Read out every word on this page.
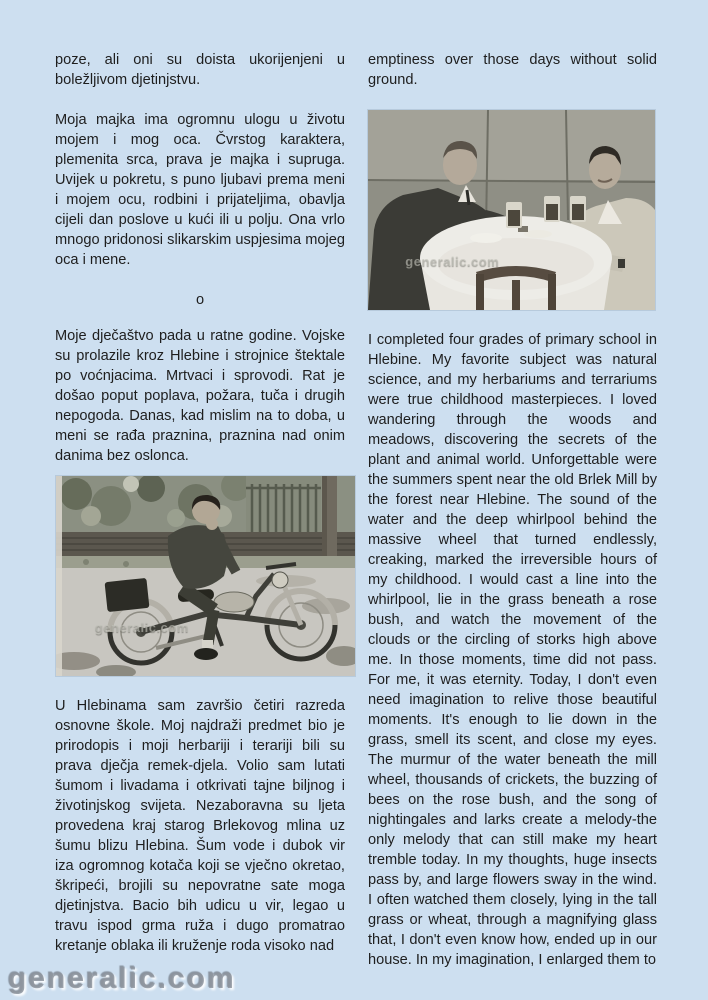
poze, ali oni su doista ukorijenjeni u boležljivom djetinjstvu.

Moja majka ima ogromnu ulogu u životu mojem i mog oca. Čvrstog karaktera, plemenita srca, prava je majka i supruga. Uvijek u pokretu, s puno ljubavi prema meni i mojem ocu, rodbini i prijateljima, obavlja cijeli dan poslove u kući ili u polju. Ona vrlo mnogo pridonosi slikarskim uspjesima mojeg oca i mene.

o

Moje dječaštvo pada u ratne godine. Vojske su prolazile kroz Hlebine i strojnice štektale po voćnjacima. Mrtvaci i sprovodi. Rat je došao poput poplava, požara, tuča i drugih nepogoda. Danas, kad mislim na to doba, u meni se rađa praznina, praznina nad onim danima bez oslonca.

generalic.com

U Hlebinama sam završio četiri razreda osnovne škole. Moj najdraži predmet bio je prirodopis i moji herbariji i terariji bili su prava dječja remek-djela. Volio sam lutati šumom i livadama i otkrivati tajne biljnog i životinjskog svijeta. Nezaboravna su ljeta provedena kraj starog Brlekovog mlina uz šumu blizu Hlebina. Šum vode i dubok vir iza ogromnog kotača koji se vječno okretao, škripeći, brojili su nepovratne sate moga djetinjstva. Bacio bih udicu u vir, legao u travu ispod grma ruža i dugo promatrao kretanje oblaka ili kruženje roda visoko nad

emptiness over those days without solid ground.

generalic.com

I completed four grades of primary school in Hlebine. My favorite subject was natural science, and my herbariums and terrariums were true childhood masterpieces. I loved wandering through the woods and meadows, discovering the secrets of the plant and animal world. Unforgettable were the summers spent near the old Brlek Mill by the forest near Hlebine. The sound of the water and the deep whirlpool behind the massive wheel that turned endlessly, creaking, marked the irreversible hours of my childhood. I would cast a line into the whirlpool, lie in the grass beneath a rose bush, and watch the movement of the clouds or the circling of storks high above me. In those moments, time did not pass. For me, it was eternity. Today, I don't even need imagination to relive those beautiful moments. It's enough to lie down in the grass, smell its scent, and close my eyes. The murmur of the water beneath the mill wheel, thousands of crickets, the buzzing of bees on the rose bush, and the song of nightingales and larks create a melody-the only melody that can still make my heart tremble today. In my thoughts, huge insects pass by, and large flowers sway in the wind. I often watched them closely, lying in the tall grass or wheat, through a magnifying glass that, I don't even know how, ended up in our house. In my imagination, I enlarged them to

generalic.com
